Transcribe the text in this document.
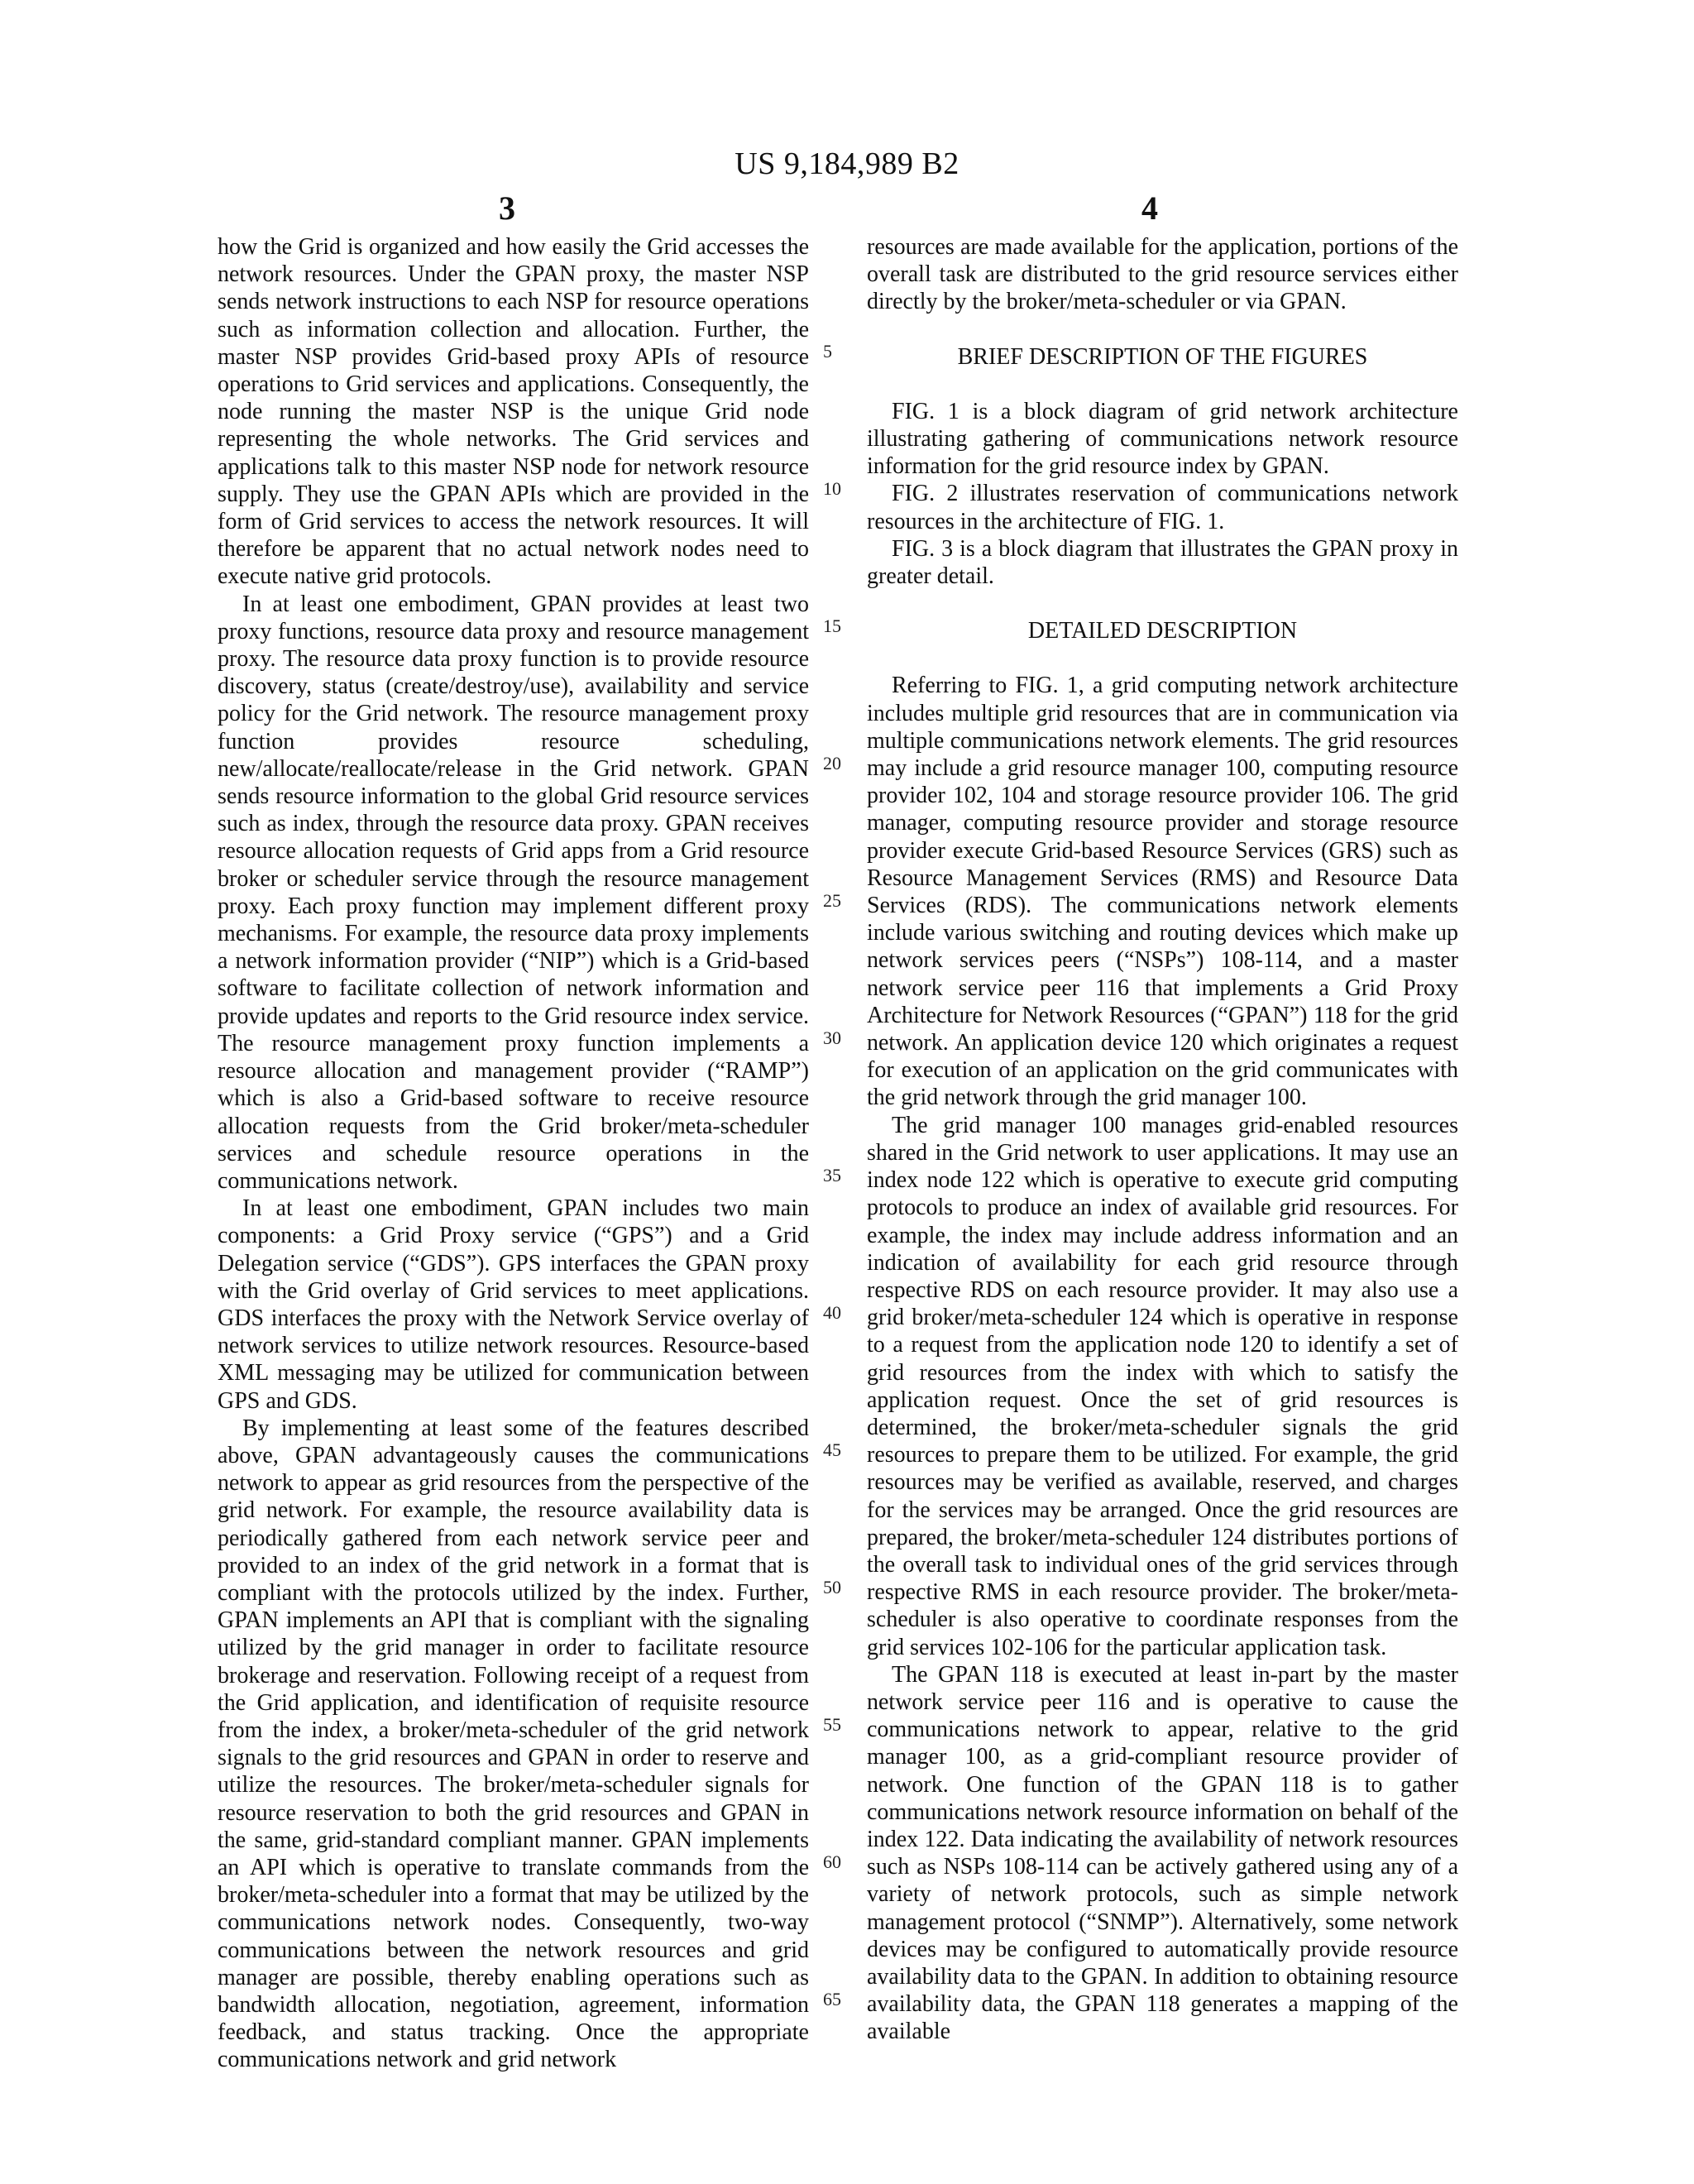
US 9,184,989 B2
3	4

how the Grid is organized and how easily the Grid accesses the network resources. Under the GPAN proxy, the master NSP sends network instructions to each NSP for resource operations such as information collection and allocation. Further, the master NSP provides Grid-based proxy APIs of resource operations to Grid services and applications. Consequently, the node running the master NSP is the unique Grid node representing the whole networks. The Grid services and applications talk to this master NSP node for network resource supply. They use the GPAN APIs which are provided in the form of Grid services to access the network resources. It will therefore be apparent that no actual network nodes need to execute native grid protocols.

In at least one embodiment, GPAN provides at least two proxy functions, resource data proxy and resource management proxy. The resource data proxy function is to provide resource discovery, status (create/destroy/use), availability and service policy for the Grid network. The resource management proxy function provides resource scheduling, new/allocate/reallocate/release in the Grid network. GPAN sends resource information to the global Grid resource services such as index, through the resource data proxy. GPAN receives resource allocation requests of Grid apps from a Grid resource broker or scheduler service through the resource management proxy. Each proxy function may implement different proxy mechanisms. For example, the resource data proxy implements a network information provider (“NIP”) which is a Grid-based software to facilitate collection of network information and provide updates and reports to the Grid resource index service. The resource management proxy function implements a resource allocation and management provider (“RAMP”) which is also a Grid-based software to receive resource allocation requests from the Grid broker/meta-scheduler services and schedule resource operations in the communications network.

In at least one embodiment, GPAN includes two main components: a Grid Proxy service (“GPS”) and a Grid Delegation service (“GDS”). GPS interfaces the GPAN proxy with the Grid overlay of Grid services to meet applications. GDS interfaces the proxy with the Network Service overlay of network services to utilize network resources. Resource-based XML messaging may be utilized for communication between GPS and GDS.

By implementing at least some of the features described above, GPAN advantageously causes the communications network to appear as grid resources from the perspective of the grid network. For example, the resource availability data is periodically gathered from each network service peer and provided to an index of the grid network in a format that is compliant with the protocols utilized by the index. Further, GPAN implements an API that is compliant with the signaling utilized by the grid manager in order to facilitate resource brokerage and reservation. Following receipt of a request from the Grid application, and identification of requisite resource from the index, a broker/meta-scheduler of the grid network signals to the grid resources and GPAN in order to reserve and utilize the resources. The broker/meta-scheduler signals for resource reservation to both the grid resources and GPAN in the same, grid-standard compliant manner. GPAN implements an API which is operative to translate commands from the broker/meta-scheduler into a format that may be utilized by the communications network nodes. Consequently, two-way communications between the network resources and grid manager are possible, thereby enabling operations such as bandwidth allocation, negotiation, agreement, information feedback, and status tracking. Once the appropriate communications network and grid network

resources are made available for the application, portions of the overall task are distributed to the grid resource services either directly by the broker/meta-scheduler or via GPAN.

BRIEF DESCRIPTION OF THE FIGURES

FIG. 1 is a block diagram of grid network architecture illustrating gathering of communications network resource information for the grid resource index by GPAN.

FIG. 2 illustrates reservation of communications network resources in the architecture of FIG. 1.

FIG. 3 is a block diagram that illustrates the GPAN proxy in greater detail.

DETAILED DESCRIPTION

Referring to FIG. 1, a grid computing network architecture includes multiple grid resources that are in communication via multiple communications network elements. The grid resources may include a grid resource manager 100, computing resource provider 102, 104 and storage resource provider 106. The grid manager, computing resource provider and storage resource provider execute Grid-based Resource Services (GRS) such as Resource Management Services (RMS) and Resource Data Services (RDS). The communications network elements include various switching and routing devices which make up network services peers (“NSPs”) 108-114, and a master network service peer 116 that implements a Grid Proxy Architecture for Network Resources (“GPAN”) 118 for the grid network. An application device 120 which originates a request for execution of an application on the grid communicates with the grid network through the grid manager 100.

The grid manager 100 manages grid-enabled resources shared in the Grid network to user applications. It may use an index node 122 which is operative to execute grid computing protocols to produce an index of available grid resources. For example, the index may include address information and an indication of availability for each grid resource through respective RDS on each resource provider. It may also use a grid broker/meta-scheduler 124 which is operative in response to a request from the application node 120 to identify a set of grid resources from the index with which to satisfy the application request. Once the set of grid resources is determined, the broker/meta-scheduler signals the grid resources to prepare them to be utilized. For example, the grid resources may be verified as available, reserved, and charges for the services may be arranged. Once the grid resources are prepared, the broker/meta-scheduler 124 distributes portions of the overall task to individual ones of the grid services through respective RMS in each resource provider. The broker/meta-scheduler is also operative to coordinate responses from the grid services 102-106 for the particular application task.

The GPAN 118 is executed at least in-part by the master network service peer 116 and is operative to cause the communications network to appear, relative to the grid manager 100, as a grid-compliant resource provider of network. One function of the GPAN 118 is to gather communications network resource information on behalf of the index 122. Data indicating the availability of network resources such as NSPs 108-114 can be actively gathered using any of a variety of network protocols, such as simple network management protocol (“SNMP”). Alternatively, some network devices may be configured to automatically provide resource availability data to the GPAN. In addition to obtaining resource availability data, the GPAN 118 generates a mapping of the available

5
10
15
20
25
30
35
40
45
50
55
60
65
